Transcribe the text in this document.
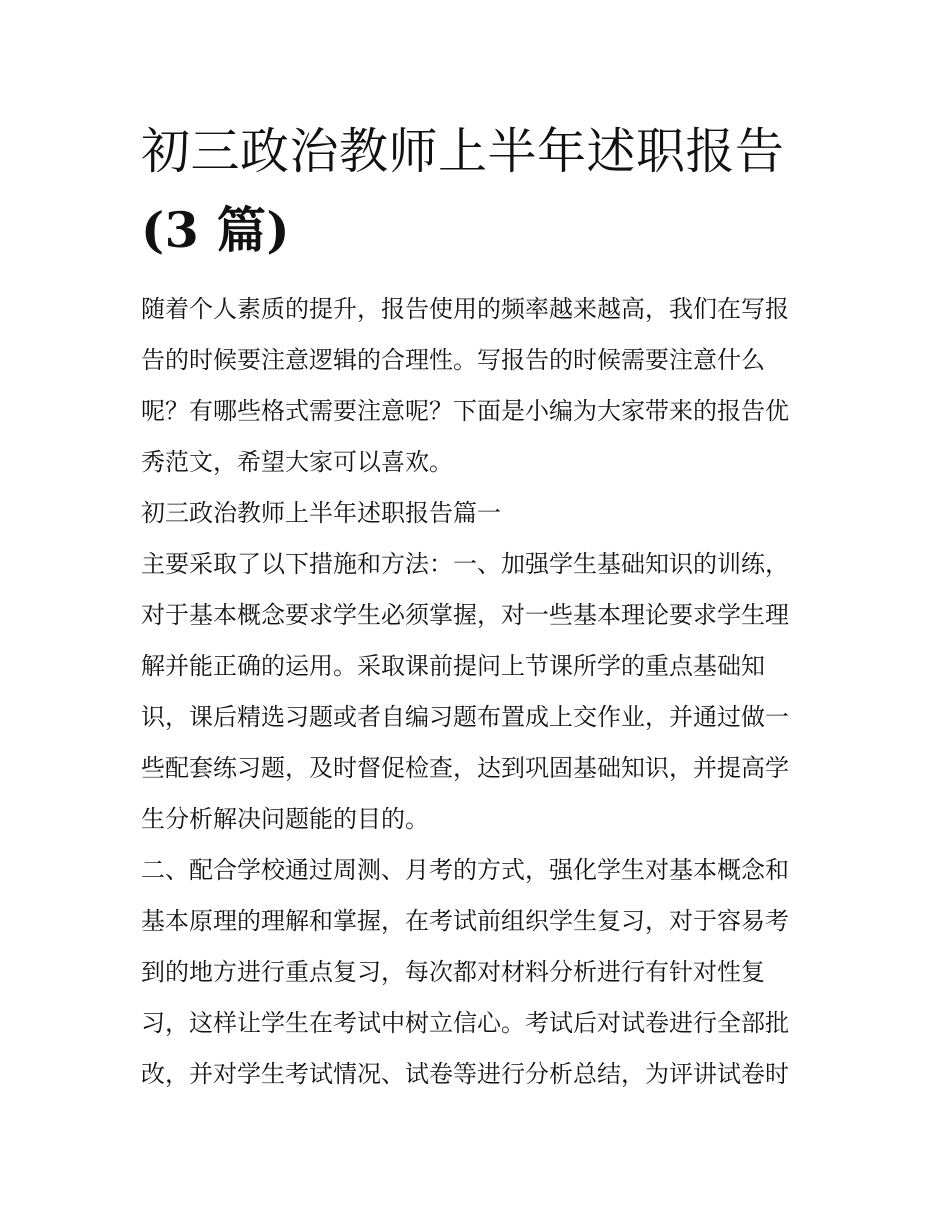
初三政治教师上半年述职报告
(3 篇)
随着个人素质的提升，报告使用的频率越来越高，我们在写报
告的时候要注意逻辑的合理性。写报告的时候需要注意什么
呢？有哪些格式需要注意呢？下面是小编为大家带来的报告优
秀范文，希望大家可以喜欢。
初三政治教师上半年述职报告篇一
主要采取了以下措施和方法：一、加强学生基础知识的训练，
对于基本概念要求学生必须掌握，对一些基本理论要求学生理
解并能正确的运用。采取课前提问上节课所学的重点基础知
识，课后精选习题或者自编习题布置成上交作业，并通过做一
些配套练习题，及时督促检查，达到巩固基础知识，并提高学
生分析解决问题能的目的。
二、配合学校通过周测、月考的方式，强化学生对基本概念和
基本原理的理解和掌握，在考试前组织学生复习，对于容易考
到的地方进行重点复习，每次都对材料分析进行有针对性复
习，这样让学生在考试中树立信心。考试后对试卷进行全部批
改，并对学生考试情况、试卷等进行分析总结，为评讲试卷时
